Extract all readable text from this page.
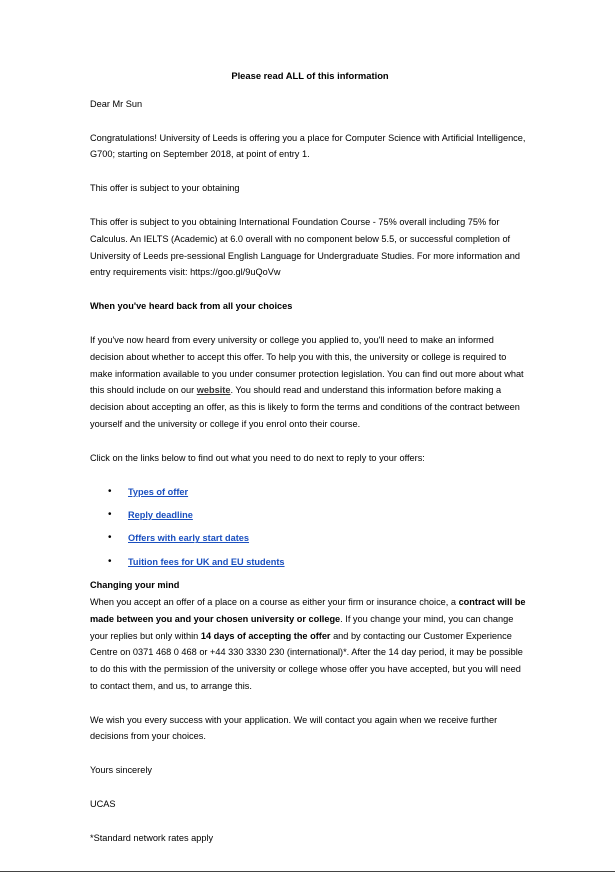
Please read ALL of this information

Dear Mr Sun

Congratulations! University of Leeds is offering you a place for Computer Science with Artificial Intelligence, G700; starting on September 2018, at point of entry 1.

This offer is subject to your obtaining

This offer is subject to you obtaining International Foundation Course - 75% overall including 75% for Calculus. An IELTS (Academic) at 6.0 overall with no component below 5.5, or successful completion of University of Leeds pre-sessional English Language for Undergraduate Studies. For more information and entry requirements visit: https://goo.gl/9uQoVw

When you've heard back from all your choices

If you've now heard from every university or college you applied to, you'll need to make an informed decision about whether to accept this offer. To help you with this, the university or college is required to make information available to you under consumer protection legislation. You can find out more about what this should include on our website. You should read and understand this information before making a decision about accepting an offer, as this is likely to form the terms and conditions of the contract between yourself and the university or college if you enrol onto their course.

Click on the links below to find out what you need to do next to reply to your offers:

• Types of offer
• Reply deadline
• Offers with early start dates
• Tuition fees for UK and EU students
Changing your mind

When you accept an offer of a place on a course as either your firm or insurance choice, a contract will be made between you and your chosen university or college. If you change your mind, you can change your replies but only within 14 days of accepting the offer and by contacting our Customer Experience Centre on 0371 468 0 468 or +44 330 3330 230 (international)*. After the 14 day period, it may be possible to do this with the permission of the university or college whose offer you have accepted, but you will need to contact them, and us, to arrange this.

We wish you every success with your application. We will contact you again when we receive further decisions from your choices.

Yours sincerely

UCAS

*Standard network rates apply
